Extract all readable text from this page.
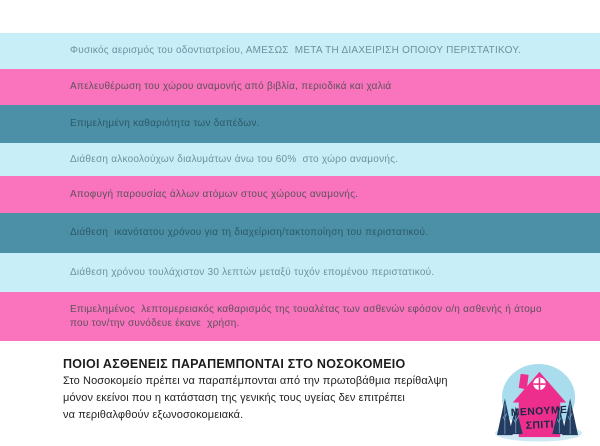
Φυσικός αερισμός του οδοντιατρείου, ΑΜΕΣΩΣ  ΜΕΤΑ ΤΗ ΔΙΑΧΕΙΡΙΣΗ ΟΠΟΙΟΥ ΠΕΡΙΣΤΑΤΙΚΟΥ.
Απελευθέρωση του χώρου αναμονής από βιβλία, περιοδικά και χαλιά
Επιμελημένη καθαριότητα των δαπέδων.
Διάθεση αλκοολούχων διαλυμάτων άνω του 60%  στο χώρο αναμονής.
Αποφυγή παρουσίας άλλων ατόμων στους χώρους αναμονής.
Διάθεση  ικανότατου χρόνου για τη διαχείριση/τακτοποίηση του περιστατικού.
Διάθεση χρόνου τουλάχιστον 30 λεπτών μεταξύ τυχόν επομένου περιστατικού.
Επιμελημένος  λεπτομερειακός καθαρισμός της τουαλέτας των ασθενών εφόσον ο/η ασθενής ή άτομο που τον/την συνόδευε έκανε  χρήση.
ΠΟΙΟΙ ΑΣΘΕΝΕΙΣ ΠΑΡΑΠΕΜΠΟΝΤΑΙ ΣΤΟ ΝΟΣΟΚΟΜΕΙΟ
Στο Νοσοκομείο πρέπει να παραπέμπονται από την πρωτοβάθμια περίθαλψη
μόνον εκείνοι που η κατάσταση της γενικής τους υγείας δεν επιτρέπει
να περιθαλφθούν εξωνοσοκομειακά.	ΜΕΝΟΥΜΕ
ΣΠΙΤΙ
